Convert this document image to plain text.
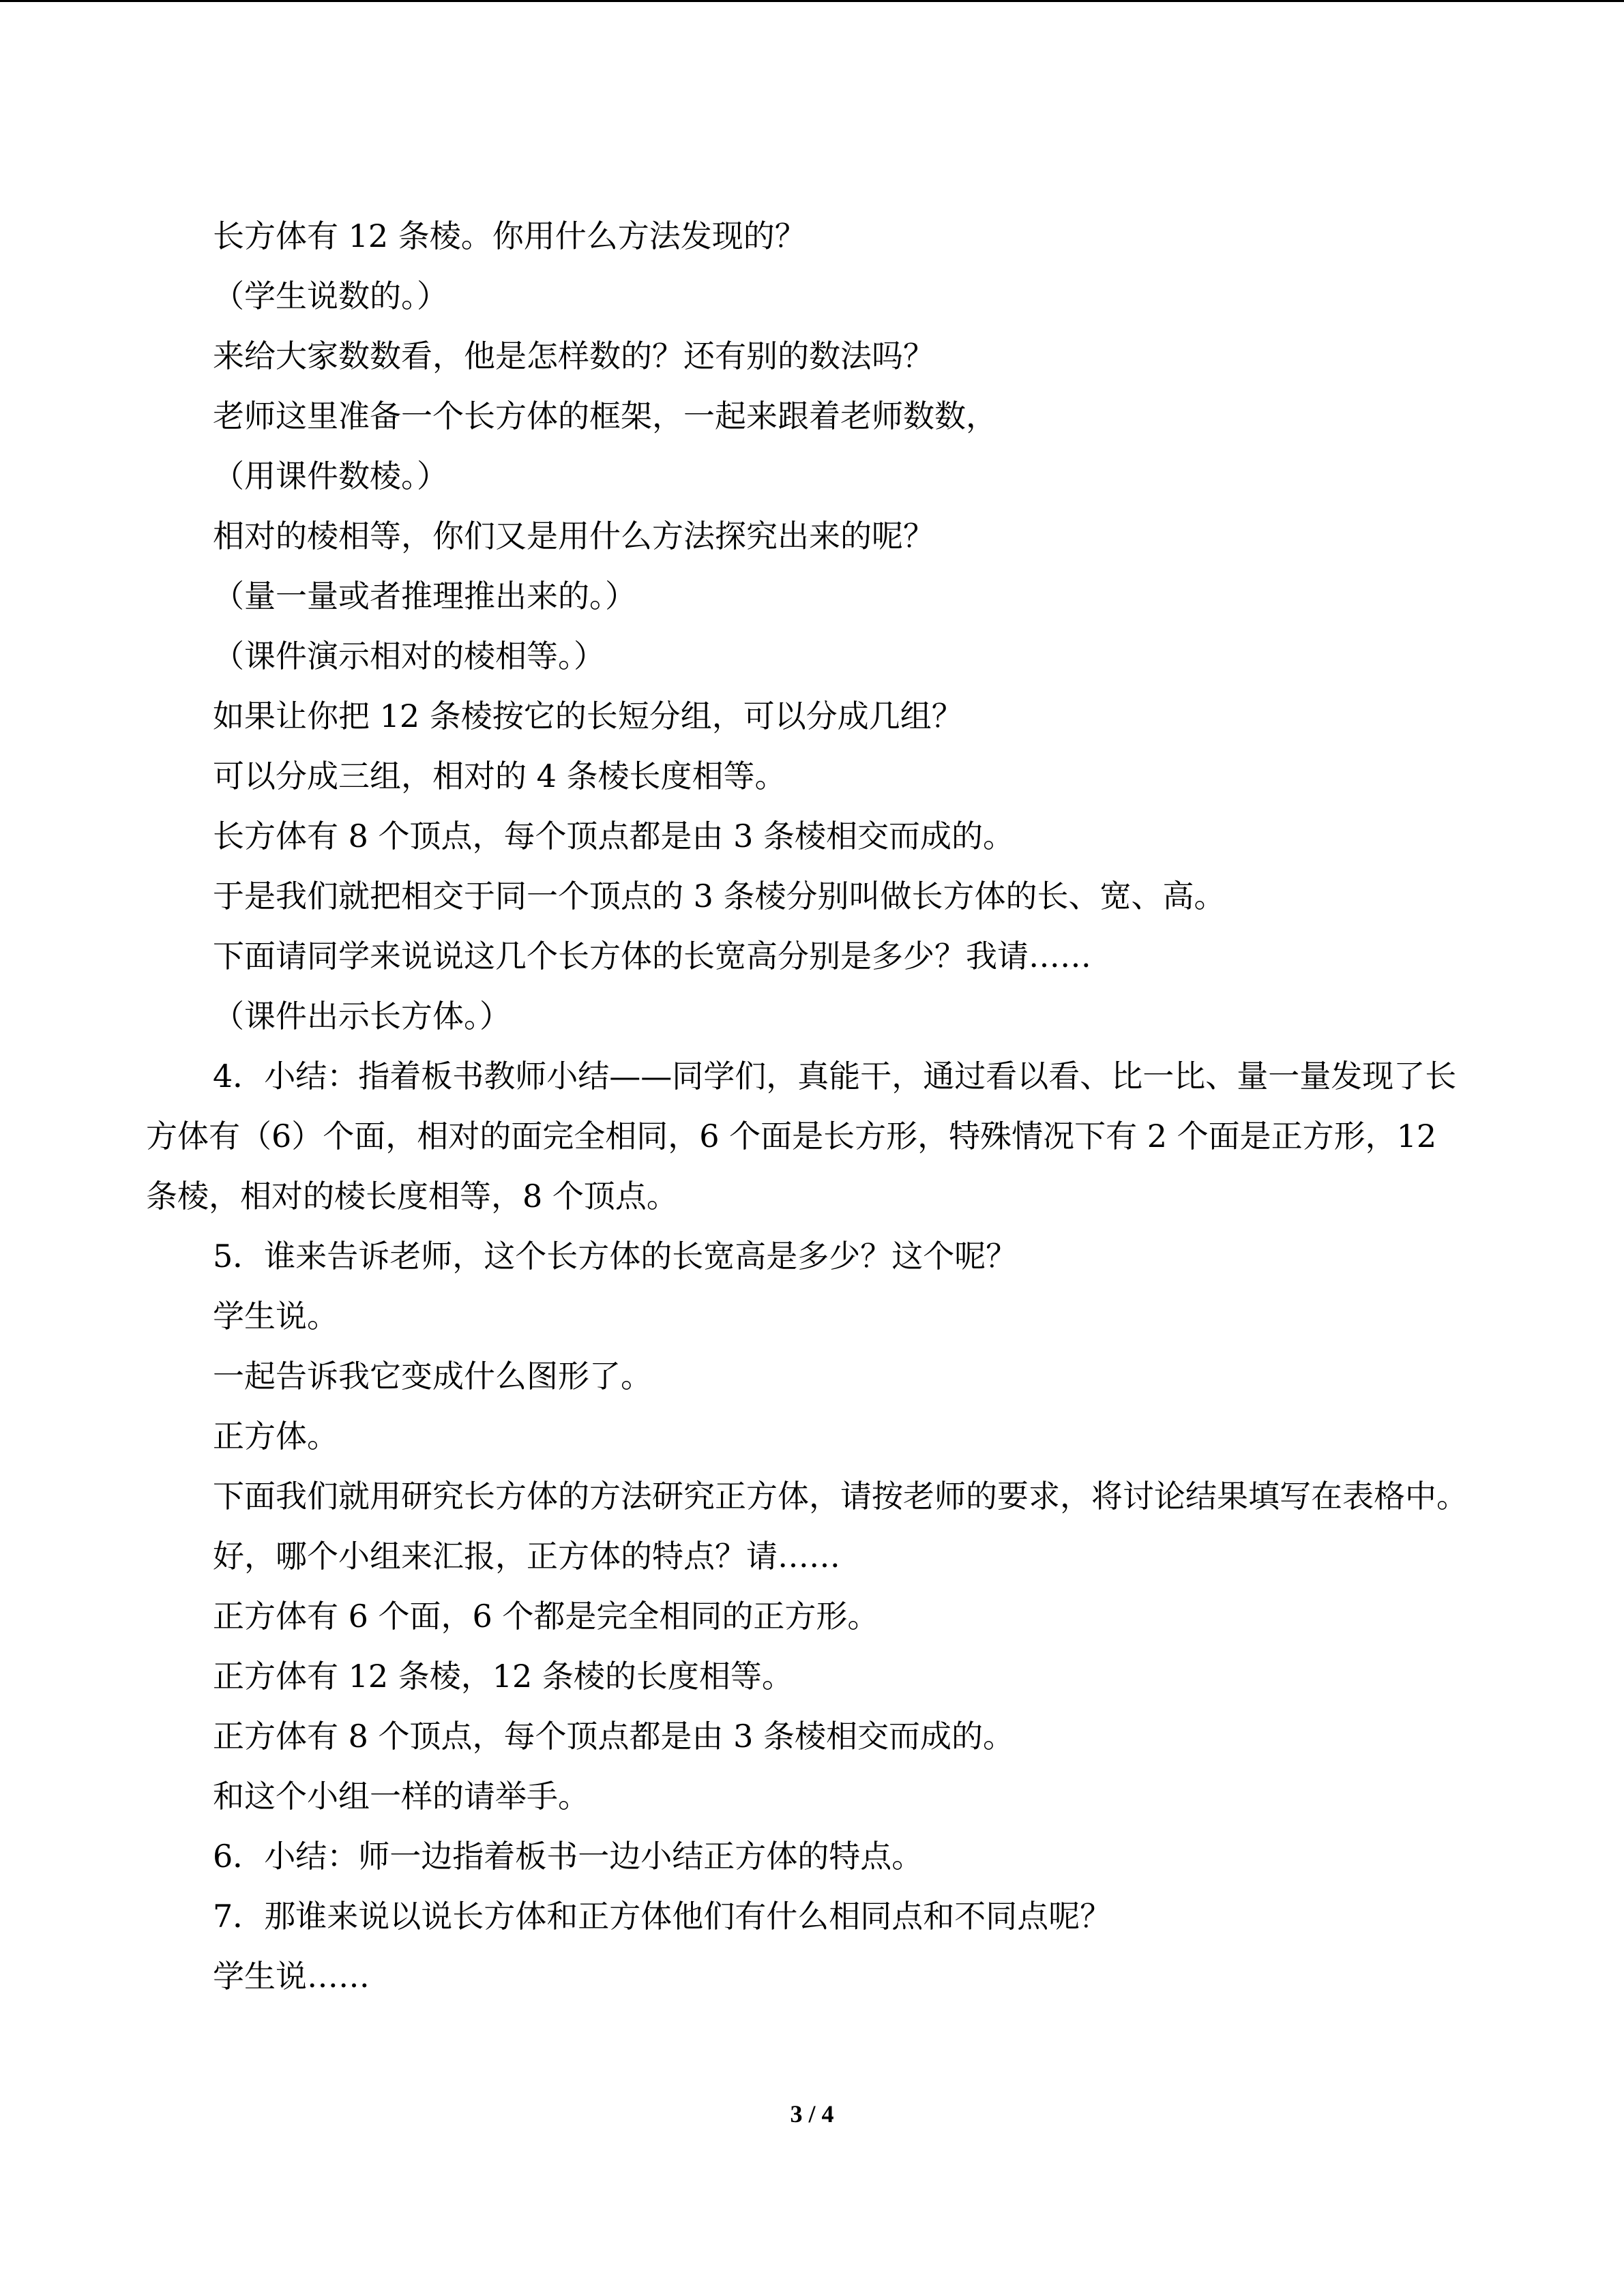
长方体有 12 条棱。你用什么方法发现的？

（学生说数的。）

来给大家数数看，他是怎样数的？还有别的数法吗？

老师这里准备一个长方体的框架，一起来跟着老师数数，

（用课件数棱。）

相对的棱相等，你们又是用什么方法探究出来的呢？

（量一量或者推理推出来的。）

（课件演示相对的棱相等。）

如果让你把 12 条棱按它的长短分组，可以分成几组？

可以分成三组，相对的 4 条棱长度相等。

长方体有 8 个顶点，每个顶点都是由 3 条棱相交而成的。

于是我们就把相交于同一个顶点的 3 条棱分别叫做长方体的长、宽、高。

下面请同学来说说这几个长方体的长宽高分别是多少？我请……

（课件出示长方体。）

4．小结：指着板书教师小结——同学们，真能干，通过看以看、比一比、量一量发现了长方体有（6）个面，相对的面完全相同，6 个面是长方形，特殊情况下有 2 个面是正方形，12 条棱，相对的棱长度相等，8 个顶点。

5．谁来告诉老师，这个长方体的长宽高是多少？这个呢？

学生说。

一起告诉我它变成什么图形了。

正方体。

下面我们就用研究长方体的方法研究正方体，请按老师的要求，将讨论结果填写在表格中。

好，哪个小组来汇报，正方体的特点？请……

正方体有 6 个面，6 个都是完全相同的正方形。

正方体有 12 条棱，12 条棱的长度相等。

正方体有 8 个顶点，每个顶点都是由 3 条棱相交而成的。

和这个小组一样的请举手。

6．小结：师一边指着板书一边小结正方体的特点。

7．那谁来说以说长方体和正方体他们有什么相同点和不同点呢？

学生说……

3 / 4
